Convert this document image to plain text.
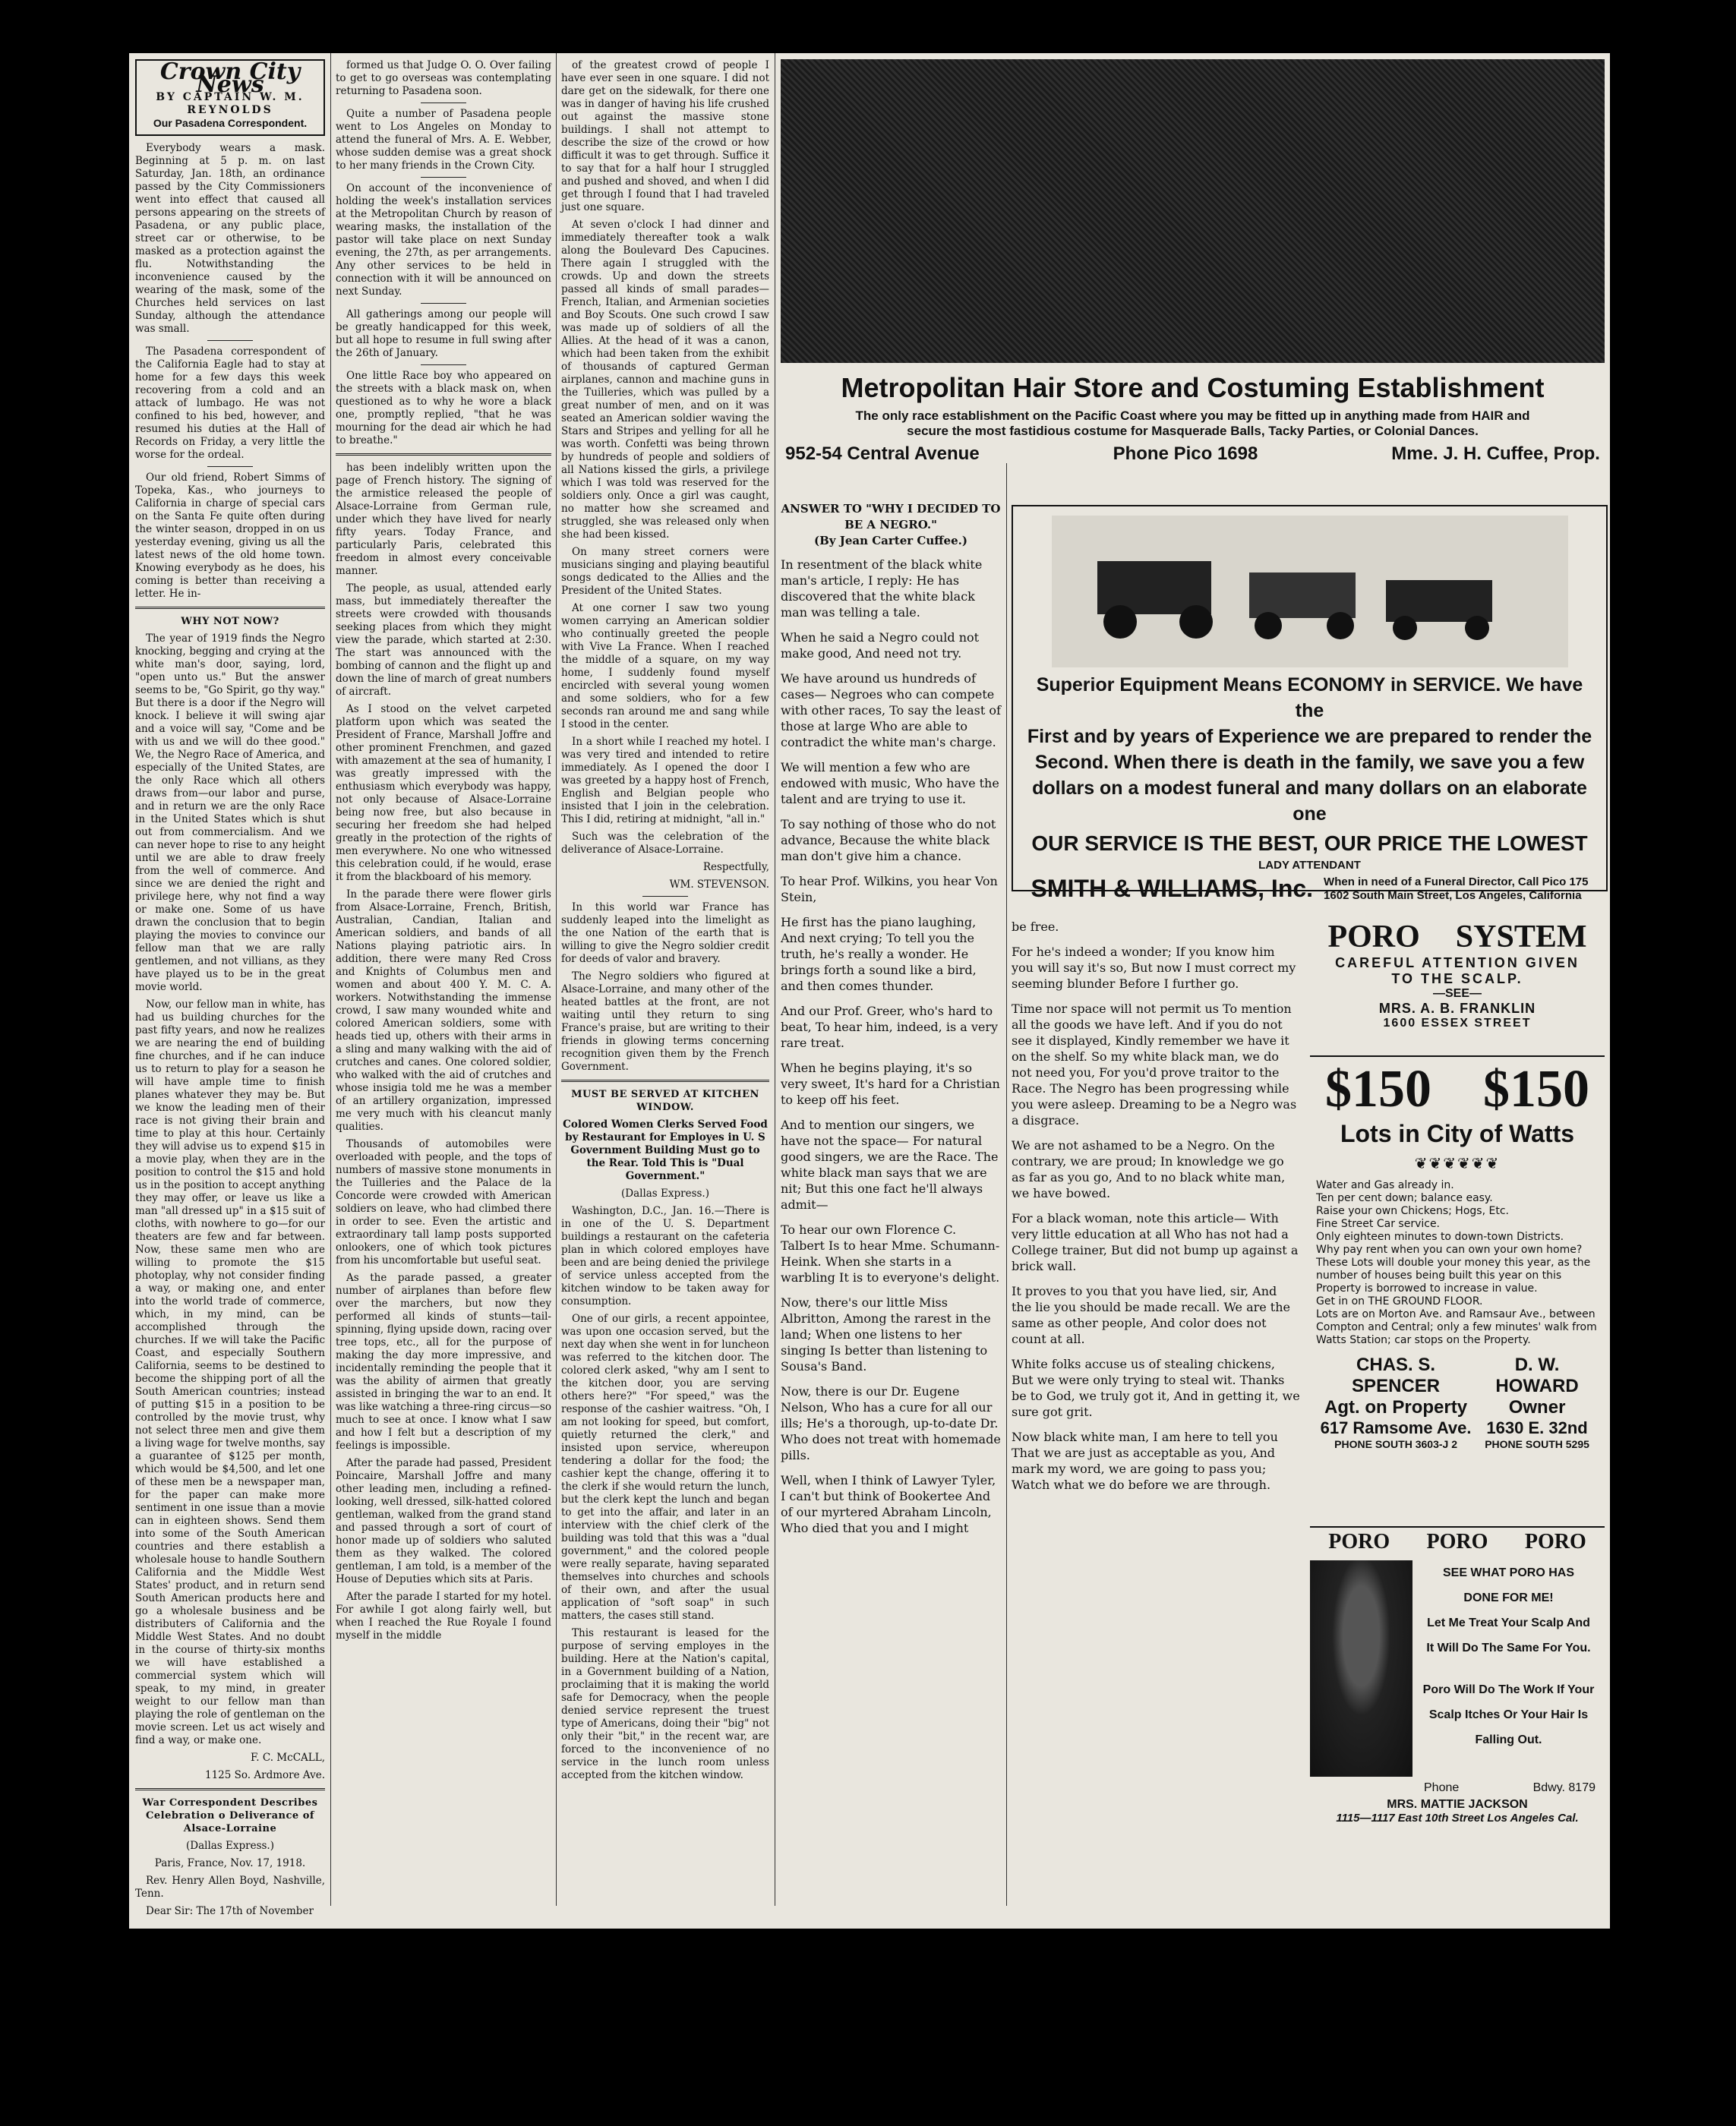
Crown City News
BY CAPTAIN W. M. REYNOLDS
Our Pasadena Correspondent.

Everybody wears a mask. Beginning at 5 p. m. on last Saturday, Jan. 18th, an ordinance passed by the City Commissioners went into effect that caused all persons appearing on the streets of Pasadena, or any public place, street car or otherwise, to be masked as a protection against the flu. Notwithstanding the inconvenience caused by the wearing of the mask, some of the Churches held services on last Sunday, although the attendance was small.

The Pasadena correspondent of the California Eagle had to stay at home for a few days this week recovering from a cold and an attack of lumbago. He was not confined to his bed, however, and resumed his duties at the Hall of Records on Friday, a very little the worse for the ordeal.

Our old friend, Robert Simms of Topeka, Kas., who journeys to California in charge of special cars on the Santa Fe quite often during the winter season, dropped in on us yesterday evening, giving us all the latest news of the old home town. Knowing everybody as he does, his coming is better than receiving a letter. He in-

WHY NOT NOW?

The year of 1919 finds the Negro knocking, begging and crying at the white man's door, saying, lord, "open unto us." But the answer seems to be, "Go Spirit, go thy way." But there is a door if the Negro will knock. I believe it will swing ajar and a voice will say, "Come and be with us and we will do thee good." We, the Negro Race of America, and especially of the United States, are the only Race which all others draws from—our labor and purse, and in return we are the only Race in the United States which is shut out from commercialism. And we can never hope to rise to any height until we are able to draw freely from the well of commerce. And since we are denied the right and privilege here, why not find a way or make one. Some of us have drawn the conclusion that to begin playing the movies to convince our fellow man that we are rally gentlemen, and not villians, as they have played us to be in the great movie world.

Now, our fellow man in white, has had us building churches for the past fifty years, and now he realizes we are nearing the end of building fine churches, and if he can induce us to return to play for a season he will have ample time to finish planes whatever they may be. But we know the leading men of their race is not giving their brain and time to play at this hour. Certainly they will advise us to expend $15 in a movie play, when they are in the position to control the $15 and hold us in the position to accept anything they may offer, or leave us like a man "all dressed up" in a $15 suit of cloths, with nowhere to go—for our theaters are few and far between. Now, these same men who are willing to promote the $15 photoplay, why not consider finding a way, or making one, and enter into the world trade of commerce, which, in my mind, can be accomplished through the churches. If we will take the Pacific Coast, and especially Southern California, seems to be destined to become the shipping port of all the South American countries; instead of putting $15 in a position to be controlled by the movie trust, why not select three men and give them a living wage for twelve months, say a guarantee of $125 per month, which would be $4,500, and let one of these men be a newspaper man, for the paper can make more sentiment in one issue than a movie can in eighteen shows. Send them into some of the South American countries and there establish a wholesale house to handle Southern California and the Middle West States' product, and in return send South American products here and go a wholesale business and be distributers of California and the Middle West States. And no doubt in the course of thirty-six months we will have established a commercial system which will speak, to my mind, in greater weight to our fellow man than playing the role of gentleman on the movie screen. Let us act wisely and find a way, or make one.

F. C. McCALL,

1125 So. Ardmore Ave.

War Correspondent Describes Celebration o Deliverance of Alsace-Lorraine

(Dallas Express.)

Paris, France, Nov. 17, 1918.

Rev. Henry Allen Boyd, Nashville, Tenn.

Dear Sir: The 17th of November

formed us that Judge O. O. Over failing to get to go overseas was contemplating returning to Pasadena soon.

Quite a number of Pasadena people went to Los Angeles on Monday to attend the funeral of Mrs. A. E. Webber, whose sudden demise was a great shock to her many friends in the Crown City.

On account of the inconvenience of holding the week's installation services at the Metropolitan Church by reason of wearing masks, the installation of the pastor will take place on next Sunday evening, the 27th, as per arrangements. Any other services to be held in connection with it will be announced on next Sunday.

All gatherings among our people will be greatly handicapped for this week, but all hope to resume in full swing after the 26th of January.

One little Race boy who appeared on the streets with a black mask on, when questioned as to why he wore a black one, promptly replied, "that he was mourning for the dead air which he had to breathe."

has been indelibly written upon the page of French history. The signing of the armistice released the people of Alsace-Lorraine from German rule, under which they have lived for nearly fifty years. Today France, and particularly Paris, celebrated this freedom in almost every conceivable manner.

The people, as usual, attended early mass, but immediately thereafter the streets were crowded with thousands seeking places from which they might view the parade, which started at 2:30. The start was announced with the bombing of cannon and the flight up and down the line of march of great numbers of aircraft.

As I stood on the velvet carpeted platform upon which was seated the President of France, Marshall Joffre and other prominent Frenchmen, and gazed with amazement at the sea of humanity, I was greatly impressed with the enthusiasm which everybody was happy, not only because of Alsace-Lorraine being now free, but also because in securing her freedom she had helped greatly in the protection of the rights of men everywhere. No one who witnessed this celebration could, if he would, erase it from the blackboard of his memory.

In the parade there were flower girls from Alsace-Lorraine, French, British, Australian, Candian, Italian and American soldiers, and bands of all Nations playing patriotic airs. In addition, there were many Red Cross and Knights of Columbus men and women and about 400 Y. M. C. A. workers. Notwithstanding the immense crowd, I saw many wounded white and colored American soldiers, some with heads tied up, others with their arms in a sling and many walking with the aid of crutches and canes. One colored soldier, who walked with the aid of crutches and whose insigia told me he was a member of an artillery organization, impressed me very much with his cleancut manly qualities.

Thousands of automobiles were overloaded with people, and the tops of numbers of massive stone monuments in the Tuilleries and the Palace de la Concorde were crowded with American soldiers on leave, who had climbed there in order to see. Even the artistic and extraordinary tall lamp posts supported onlookers, one of which took pictures from his uncomfortable but useful seat.

As the parade passed, a greater number of airplanes than before flew over the marchers, but now they performed all kinds of stunts—tail-spinning, flying upside down, racing over tree tops, etc., all for the purpose of making the day more impressive, and incidentally reminding the people that it was the ability of airmen that greatly assisted in bringing the war to an end. It was like watching a three-ring circus—so much to see at once. I know what I saw and how I felt but a description of my feelings is impossible.

After the parade had passed, President Poincaire, Marshall Joffre and many other leading men, including a refined-looking, well dressed, silk-hatted colored gentleman, walked from the grand stand and passed through a sort of court of honor made up of soldiers who saluted them as they walked. The colored gentleman, I am told, is a member of the House of Deputies which sits at Paris.

After the parade I started for my hotel. For awhile I got along fairly well, but when I reached the Rue Royale I found myself in the middle

of the greatest crowd of people I have ever seen in one square. I did not dare get on the sidewalk, for there one was in danger of having his life crushed out against the massive stone buildings. I shall not attempt to describe the size of the crowd or how difficult it was to get through. Suffice it to say that for a half hour I struggled and pushed and shoved, and when I did get through I found that I had traveled just one square.

At seven o'clock I had dinner and immediately thereafter took a walk along the Boulevard Des Capucines. There again I struggled with the crowds. Up and down the streets passed all kinds of small parades—French, Italian, and Armenian societies and Boy Scouts. One such crowd I saw was made up of soldiers of all the Allies. At the head of it was a canon, which had been taken from the exhibit of thousands of captured German airplanes, cannon and machine guns in the Tuilleries, which was pulled by a great number of men, and on it was seated an American soldier waving the Stars and Stripes and yelling for all he was worth. Confetti was being thrown by hundreds of people and soldiers of all Nations kissed the girls, a privilege which I was told was reserved for the soldiers only. Once a girl was caught, no matter how she screamed and struggled, she was released only when she had been kissed.

On many street corners were musicians singing and playing beautiful songs dedicated to the Allies and the President of the United States.

At one corner I saw two young women carrying an American soldier who continually greeted the people with Vive La France. When I reached the middle of a square, on my way home, I suddenly found myself encircled with several young women and some soldiers, who for a few seconds ran around me and sang while I stood in the center.

In a short while I reached my hotel. I was very tired and intended to retire immediately. As I opened the door I was greeted by a happy host of French, English and Belgian people who insisted that I join in the celebration. This I did, retiring at midnight, "all in."

Such was the celebration of the deliverance of Alsace-Lorraine.

Respectfully,

WM. STEVENSON.

In this world war France has suddenly leaped into the limelight as the one Nation of the earth that is willing to give the Negro soldier credit for deeds of valor and bravery.

The Negro soldiers who figured at Alsace-Lorraine, and many other of the heated battles at the front, are not waiting until they return to sing France's praise, but are writing to their friends in glowing terms concerning recognition given them by the French Government.

MUST BE SERVED AT KITCHEN WINDOW.

Colored Women Clerks Served Food by Restaurant for Employes in U. S Government Building Must go to the Rear. Told This is "Dual Government."

(Dallas Express.)

Washington, D.C., Jan. 16.—There is in one of the U. S. Department buildings a restaurant on the cafeteria plan in which colored employes have been and are being denied the privilege of service unless accepted from the kitchen window to be taken away for consumption.

One of our girls, a recent appointee, was upon one occasion served, but the next day when she went in for luncheon was referred to the kitchen door. The colored clerk asked, "why am I sent to the kitchen door, you are serving others here?" "For speed," was the response of the cashier waitress. "Oh, I am not looking for speed, but comfort, quietly returned the clerk," and insisted upon service, whereupon tendering a dollar for the food; the cashier kept the change, offering it to the clerk if she would return the lunch, but the clerk kept the lunch and began to get into the affair, and later in an interview with the chief clerk of the building was told that this was a "dual government," and the colored people were really separate, having separated themselves into churches and schools of their own, and after the usual application of "soft soap" in such matters, the cases still stand.

This restaurant is leased for the purpose of serving employes in the building. Here at the Nation's capital, in a Government building of a Nation, proclaiming that it is making the world safe for Democracy, when the people denied service represent the truest type of Americans, doing their "big" not only their "bit," in the recent war, are forced to the inconvenience of no service in the lunch room unless accepted from the kitchen window.

Metropolitan Hair Store and Costuming Establishment
The only race establishment on the Pacific Coast where you may be fitted up in anything made from HAIR and
secure the most fastidious costume for Masquerade Balls, Tacky Parties, or Colonial Dances.
952-54 Central Avenue	Phone Pico 1698	Mme. J. H. Cuffee, Prop.
ANSWER TO "WHY I DECIDED TO BE A NEGRO."
(By Jean Carter Cuffee.)

In resentment of the black white man's article, I reply: He has discovered that the white black man was telling a tale.

When he said a Negro could not make good, And need not try.

We have around us hundreds of cases— Negroes who can compete with other races, To say the least of those at large Who are able to contradict the white man's charge.

We will mention a few who are endowed with music, Who have the talent and are trying to use it.

To say nothing of those who do not advance, Because the white black man don't give him a chance.

To hear Prof. Wilkins, you hear Von Stein,

He first has the piano laughing, And next crying; To tell you the truth, he's really a wonder. He brings forth a sound like a bird, and then comes thunder.

And our Prof. Greer, who's hard to beat, To hear him, indeed, is a very rare treat.

When he begins playing, it's so very sweet, It's hard for a Christian to keep off his feet.

And to mention our singers, we have not the space— For natural good singers, we are the Race. The white black man says that we are nit; But this one fact he'll always admit—

To hear our own Florence C. Talbert Is to hear Mme. Schumann-Heink. When she starts in a warbling It is to everyone's delight.

Now, there's our little Miss Albritton, Among the rarest in the land; When one listens to her singing Is better than listening to Sousa's Band.

Now, there is our Dr. Eugene Nelson, Who has a cure for all our ills; He's a thorough, up-to-date Dr. Who does not treat with homemade pills.

Well, when I think of Lawyer Tyler, I can't but think of Bookertee And of our myrtered Abraham Lincoln, Who died that you and I might

be free.

For he's indeed a wonder; If you know him you will say it's so, But now I must correct my seeming blunder Before I further go.

Time nor space will not permit us To mention all the goods we have left. And if you do not see it displayed, Kindly remember we have it on the shelf. So my white black man, we do not need you, For you'd prove traitor to the Race. The Negro has been progressing while you were asleep. Dreaming to be a Negro was a disgrace.

We are not ashamed to be a Negro. On the contrary, we are proud; In knowledge we go as far as you go, And to no black white man, we have bowed.

For a black woman, note this article— With very little education at all Who has not had a College trainer, But did not bump up against a brick wall.

It proves to you that you have lied, sir, And the lie you should be made recall. We are the same as other people, And color does not count at all.

White folks accuse us of stealing chickens, But we were only trying to steal wit. Thanks be to God, we truly got it, And in getting it, we sure got grit.

Now black white man, I am here to tell you That we are just as acceptable as you, And mark my word, we are going to pass you; Watch what we do before we are through.

Superior Equipment Means ECONOMY in SERVICE. We have the
First and by years of Experience we are prepared to render the
Second. When there is death in the family, we save you a few
dollars on a modest funeral and many dollars on an elaborate one
OUR SERVICE IS THE BEST, OUR PRICE THE LOWEST
LADY ATTENDANT
SMITH & WILLIAMS, Inc. When in need of a Funeral Director, Call Pico 175
1602 South Main Street, Los Angeles, California
PORO SYSTEM
CAREFUL ATTENTION GIVEN
TO THE SCALP.
—SEE—
MRS. A. B. FRANKLIN
1600 ESSEX STREET
$150 $150
Lots in City of Watts
❦❦❦❦❦❦
Water and Gas already in.
Ten per cent down; balance easy.
Raise your own Chickens; Hogs, Etc.
Fine Street Car service.
Only eighteen minutes to down-town Districts.
Why pay rent when you can own your own home?
These Lots will double your money this year, as the number of houses being built this year on this Property is borrowed to increase in value.
Get in on THE GROUND FLOOR.
Lots are on Morton Ave. and Ramsaur Ave., between Compton and Central; only a few minutes' walk from Watts Station; car stops on the Property.
CHAS. S. SPENCER
Agt. on Property
617 Ramsome Ave.
PHONE SOUTH 3603-J 2
D. W. HOWARD
Owner
1630 E. 32nd
PHONE SOUTH 5295
PORO PORO PORO
SEE WHAT PORO HAS
DONE FOR ME!
Let Me Treat Your Scalp And
It Will Do The Same For You.
Poro Will Do The Work If Your
Scalp Itches Or Your Hair Is
Falling Out.
Phone	Bdwy. 8179
MRS. MATTIE JACKSON
1115—1117 East 10th Street Los Angeles Cal.
